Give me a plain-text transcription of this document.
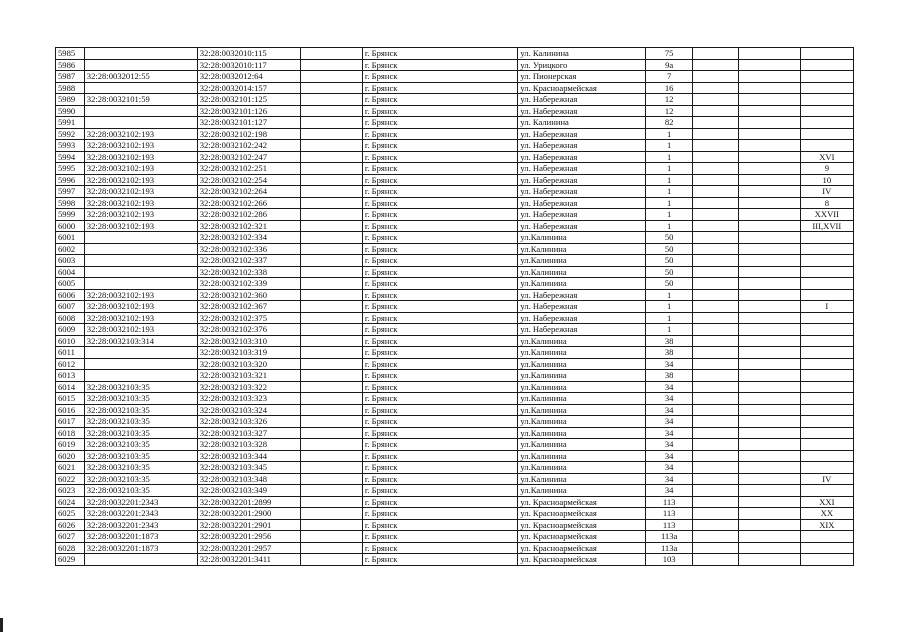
5985		32:28:0032010:115		г. Брянск	ул. Калинина	75			
5986		32:28:0032010:117		г. Брянск	ул. Урицкого	9а			
5987	32:28:0032012:55	32:28:0032012:64		г. Брянск	ул. Пионерская	7			
5988		32:28:0032014:157		г. Брянск	ул. Красноармейская	16			
5989	32:28:0032101:59	32:28:0032101:125		г. Брянск	ул. Набережная	12			
5990		32:28:0032101:126		г. Брянск	ул. Набережная	12			
5991		32:28:0032101:127		г. Брянск	ул. Калинина	82			
5992	32:28:0032102:193	32:28:0032102:198		г. Брянск	ул. Набережная	1			
5993	32:28:0032102:193	32:28:0032102:242		г. Брянск	ул. Набережная	1			
5994	32:28:0032102:193	32:28:0032102:247		г. Брянск	ул. Набережная	1			XVI
5995	32:28:0032102:193	32:28:0032102:251		г. Брянск	ул. Набережная	1			9
5996	32:28:0032102:193	32:28:0032102:254		г. Брянск	ул. Набережная	1			10
5997	32:28:0032102:193	32:28:0032102:264		г. Брянск	ул. Набережная	1			IV
5998	32:28:0032102:193	32:28:0032102:266		г. Брянск	ул. Набережная	1			8
5999	32:28:0032102:193	32:28:0032102:286		г. Брянск	ул. Набережная	1			XXVII
6000	32:28:0032102:193	32:28:0032102:321		г. Брянск	ул. Набережная	1			III,XVII
6001		32:28:0032102:334		г. Брянск	ул.Калинина	50			
6002		32:28:0032102:336		г. Брянск	ул.Калинина	50			
6003		32:28:0032102:337		г. Брянск	ул.Калинина	50			
6004		32:28:0032102:338		г. Брянск	ул.Калинина	50			
6005		32:28:0032102:339		г. Брянск	ул.Калинина	50			
6006	32:28:0032102:193	32:28:0032102:360		г. Брянск	ул. Набережная	1			
6007	32:28:0032102:193	32:28:0032102:367		г. Брянск	ул. Набережная	1			I
6008	32:28:0032102:193	32:28:0032102:375		г. Брянск	ул. Набережная	1			
6009	32:28:0032102:193	32:28:0032102:376		г. Брянск	ул. Набережная	1			
6010	32:28:0032103:314	32:28:0032103:310		г. Брянск	ул.Калинина	38			
6011		32:28:0032103:319		г. Брянск	ул.Калинина	38			
6012		32:28:0032103:320		г. Брянск	ул.Калинина	34			
6013		32:28:0032103:321		г. Брянск	ул.Калинина	38			
6014	32:28:0032103:35	32:28:0032103:322		г. Брянск	ул.Калинина	34			
6015	32:28:0032103:35	32:28:0032103:323		г. Брянск	ул.Калинина	34			
6016	32:28:0032103:35	32:28:0032103:324		г. Брянск	ул.Калинина	34			
6017	32:28:0032103:35	32:28:0032103:326		г. Брянск	ул.Калинина	34			
6018	32:28:0032103:35	32:28:0032103:327		г. Брянск	ул.Калинина	34			
6019	32:28:0032103:35	32:28:0032103:328		г. Брянск	ул.Калинина	34			
6020	32:28:0032103:35	32:28:0032103:344		г. Брянск	ул.Калинина	34			
6021	32:28:0032103:35	32:28:0032103:345		г. Брянск	ул.Калинина	34			
6022	32:28:0032103:35	32:28:0032103:348		г. Брянск	ул.Калинина	34			IV
6023	32:28:0032103:35	32:28:0032103:349		г. Брянск	ул.Калинина	34			
6024	32:28:0032201:2343	32:28:0032201:2899		г. Брянск	ул. Красноармейская	113			XXI
6025	32:28:0032201:2343	32:28:0032201:2900		г. Брянск	ул. Красноармейская	113			XX
6026	32:28:0032201:2343	32:28:0032201:2901		г. Брянск	ул. Красноармейская	113			XIX
6027	32:28:0032201:1873	32:28:0032201:2956		г. Брянск	ул. Красноармейская	113а			
6028	32:28:0032201:1873	32:28:0032201:2957		г. Брянск	ул. Красноармейская	113а			
6029		32:28:0032201:3411		г. Брянск	ул. Красноармейская	103			
